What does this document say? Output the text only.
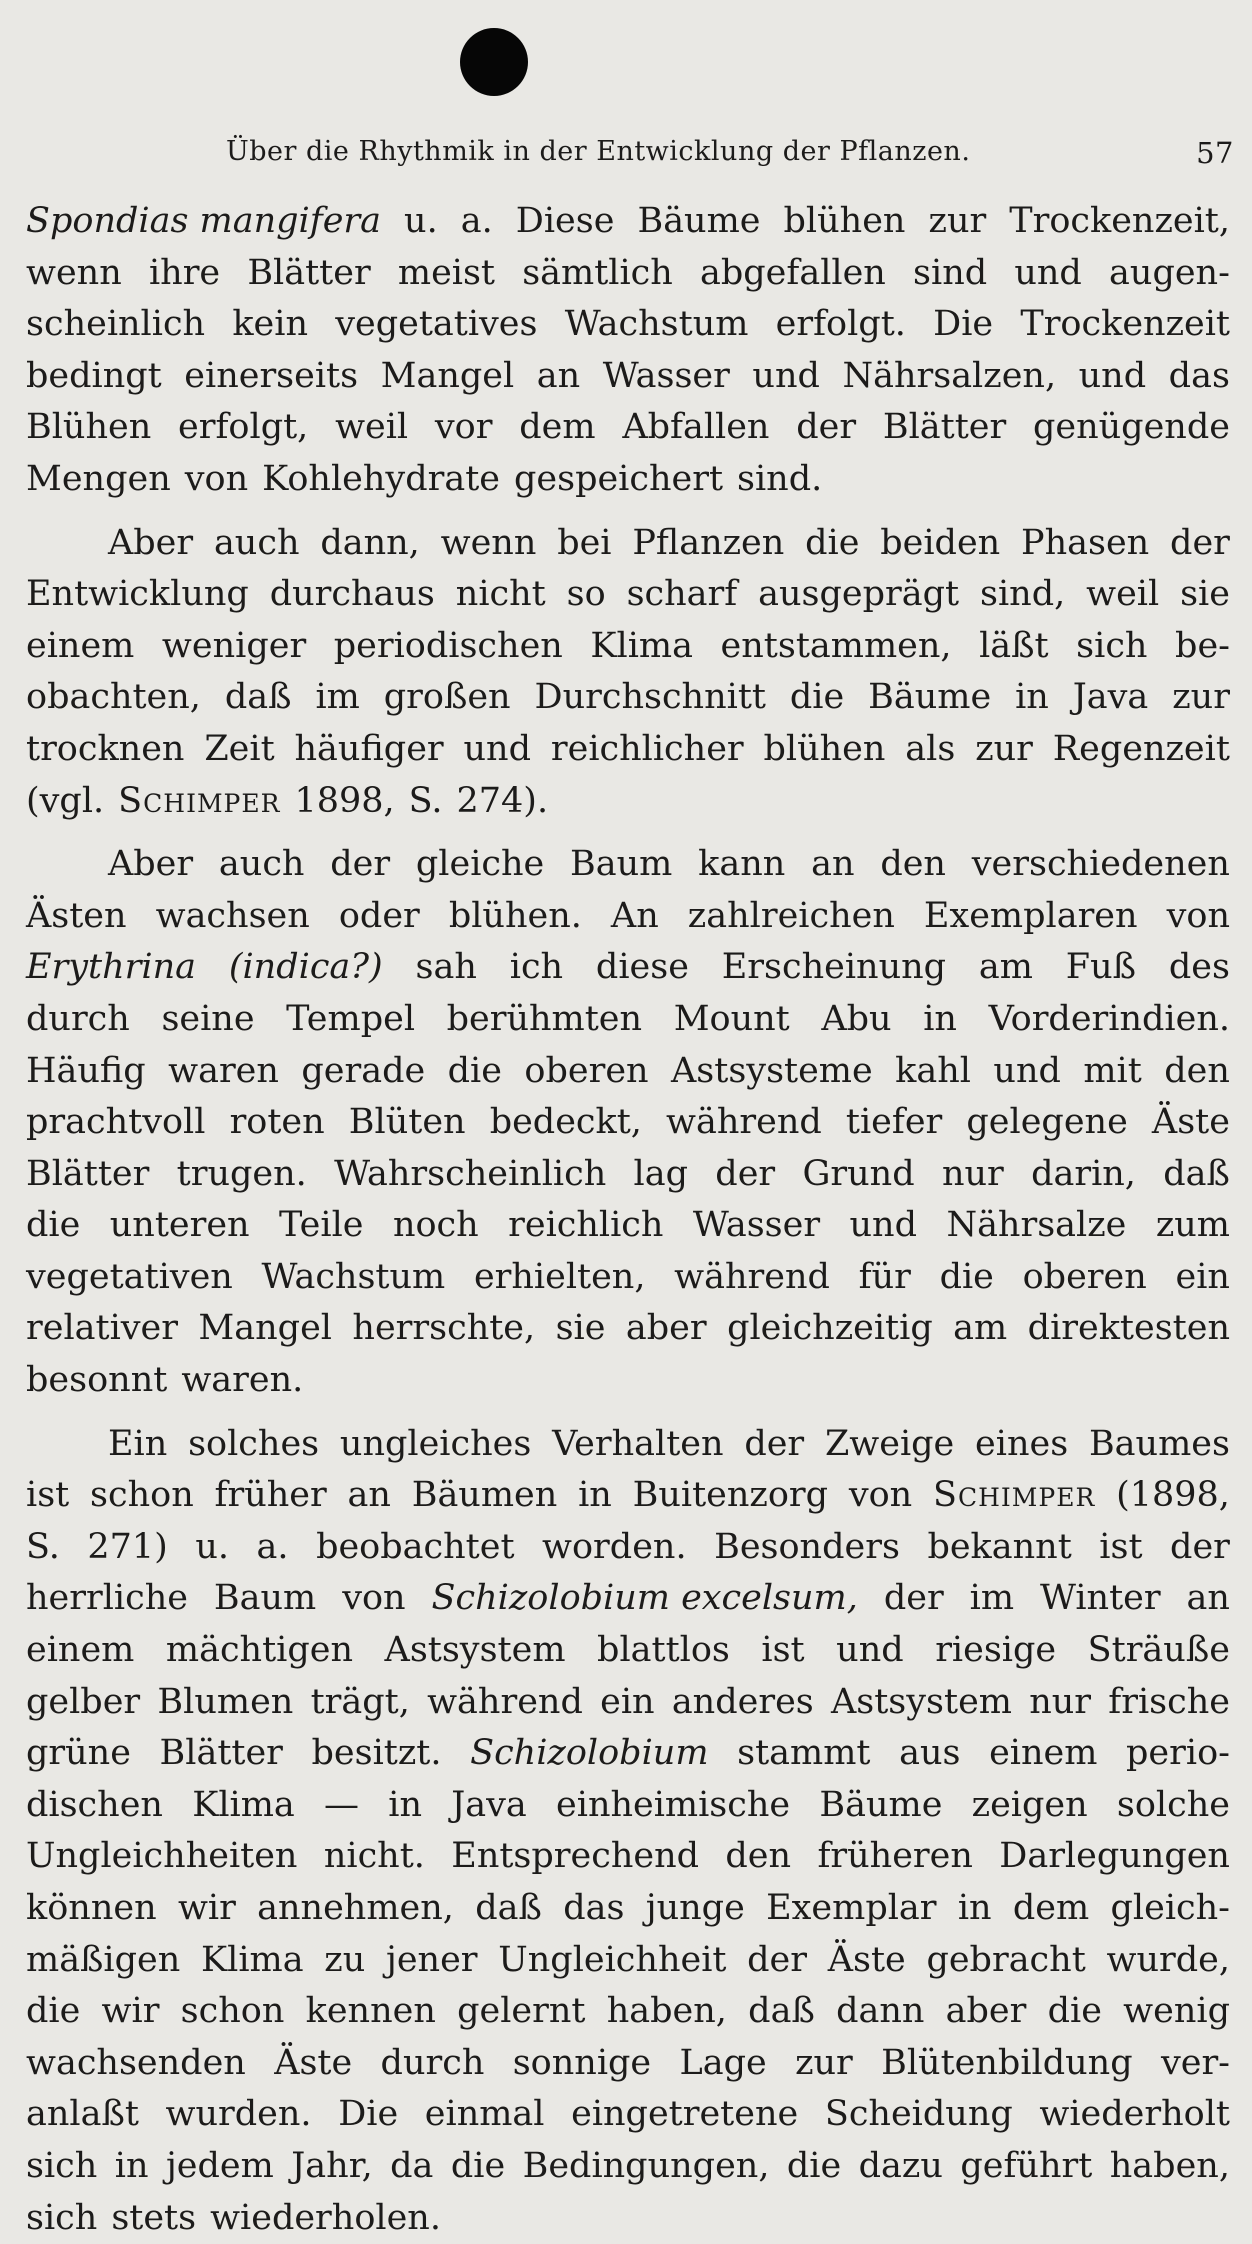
Über die Rhythmik in der Entwicklung der Pflanzen.	57
Spondias mangifera u. a. Diese Bäume blühen zur Trockenzeit,
wenn ihre Blätter meist sämtlich abgefallen sind und augen-
scheinlich kein vegetatives Wachstum erfolgt. Die Trockenzeit
bedingt einerseits Mangel an Wasser und Nährsalzen, und das
Blühen erfolgt, weil vor dem Abfallen der Blätter genügende
Mengen von Kohlehydrate gespeichert sind.
Aber auch dann, wenn bei Pflanzen die beiden Phasen der
Entwicklung durchaus nicht so scharf ausgeprägt sind, weil sie
einem weniger periodischen Klima entstammen, läßt sich be-
obachten, daß im großen Durchschnitt die Bäume in Java zur
trocknen Zeit häufiger und reichlicher blühen als zur Regenzeit
(vgl. Schimper 1898, S. 274).
Aber auch der gleiche Baum kann an den verschiedenen
Ästen wachsen oder blühen. An zahlreichen Exemplaren von
Erythrina (indica?) sah ich diese Erscheinung am Fuß des
durch seine Tempel berühmten Mount Abu in Vorderindien.
Häufig waren gerade die oberen Astsysteme kahl und mit den
prachtvoll roten Blüten bedeckt, während tiefer gelegene Äste
Blätter trugen. Wahrscheinlich lag der Grund nur darin, daß
die unteren Teile noch reichlich Wasser und Nährsalze zum
vegetativen Wachstum erhielten, während für die oberen ein
relativer Mangel herrschte, sie aber gleichzeitig am direktesten
besonnt waren.
Ein solches ungleiches Verhalten der Zweige eines Baumes
ist schon früher an Bäumen in Buitenzorg von Schimper (1898,
S. 271) u. a. beobachtet worden. Besonders bekannt ist der
herrliche Baum von Schizolobium excelsum, der im Winter an
einem mächtigen Astsystem blattlos ist und riesige Sträuße
gelber Blumen trägt, während ein anderes Astsystem nur frische
grüne Blätter besitzt. Schizolobium stammt aus einem perio-
dischen Klima — in Java einheimische Bäume zeigen solche
Ungleichheiten nicht. Entsprechend den früheren Darlegungen
können wir annehmen, daß das junge Exemplar in dem gleich-
mäßigen Klima zu jener Ungleichheit der Äste gebracht wurde,
die wir schon kennen gelernt haben, daß dann aber die wenig
wachsenden Äste durch sonnige Lage zur Blütenbildung ver-
anlaßt wurden. Die einmal eingetretene Scheidung wiederholt
sich in jedem Jahr, da die Bedingungen, die dazu geführt haben,
sich stets wiederholen.
